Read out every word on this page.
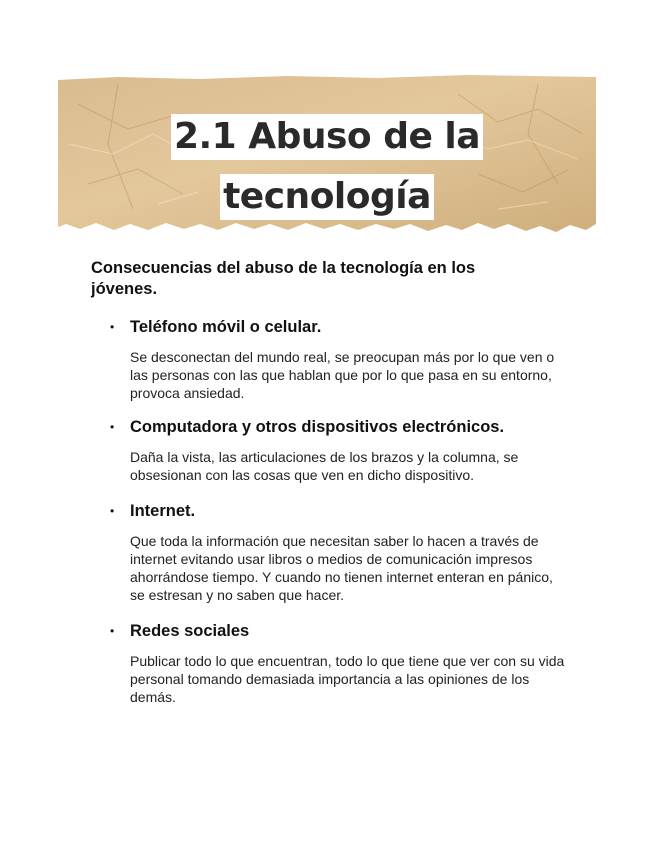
2.1 Abuso de la
tecnología

Consecuencias del abuso de la tecnología en los jóvenes.

• Teléfono móvil o celular.
Se desconectan del mundo real, se preocupan más por lo que ven o las personas con las que hablan que por lo que pasa en su entorno, provoca ansiedad.
• Computadora y otros dispositivos electrónicos.
Daña la vista, las articulaciones de los brazos y la columna, se obsesionan con las cosas que ven en dicho dispositivo.
• Internet.
Que toda la información que necesitan saber lo hacen a través de internet evitando usar libros o medios de comunicación impresos ahorrándose tiempo. Y cuando no tienen internet enteran en pánico, se estresan y no saben que hacer.
• Redes sociales
Publicar todo lo que encuentran, todo lo que tiene que ver con su vida personal tomando demasiada importancia a las opiniones de los demás.
